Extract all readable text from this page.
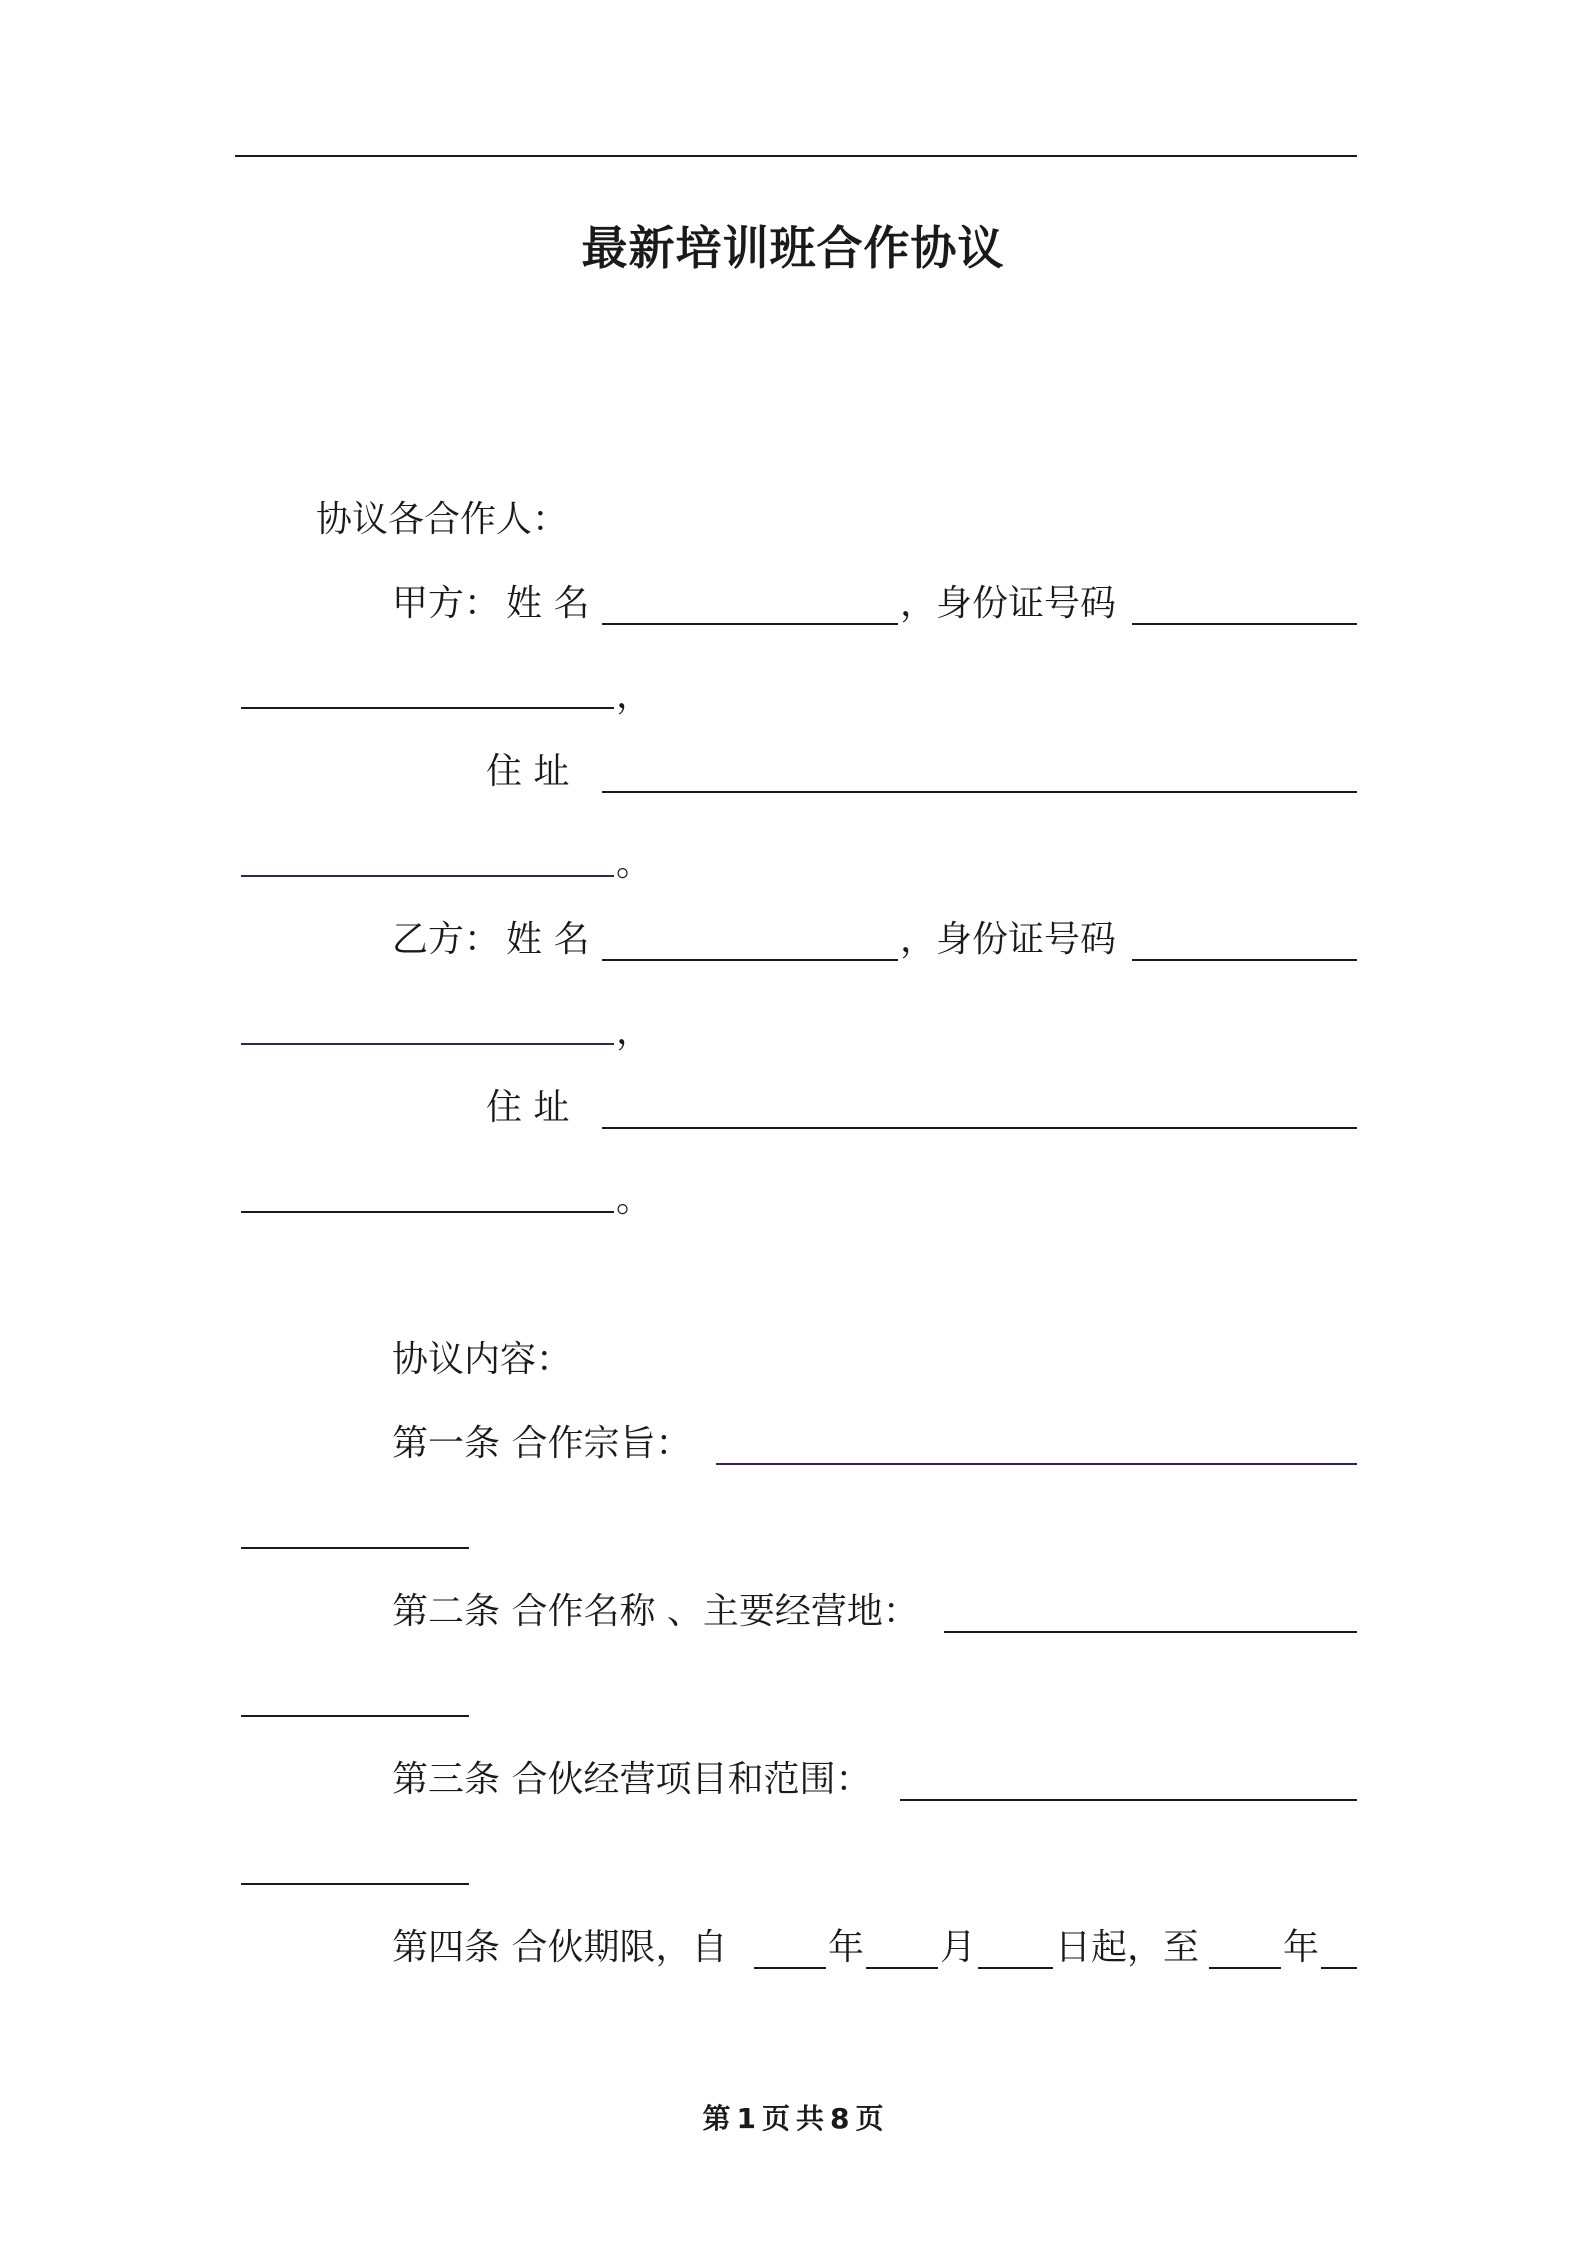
最新培训班合作协议
协议各合作人：
甲方： 姓 名	，身份证号码
，
住 址
。
乙方： 姓 名	，身份证号码
，
住 址
。
协议内容：
第一条 合作宗旨：
第二条 合作名称 、主要经营地：
第三条 合伙经营项目和范围：
第四条 合伙期限，自	年 月 日起，至 年
第 1 页 共 8 页
